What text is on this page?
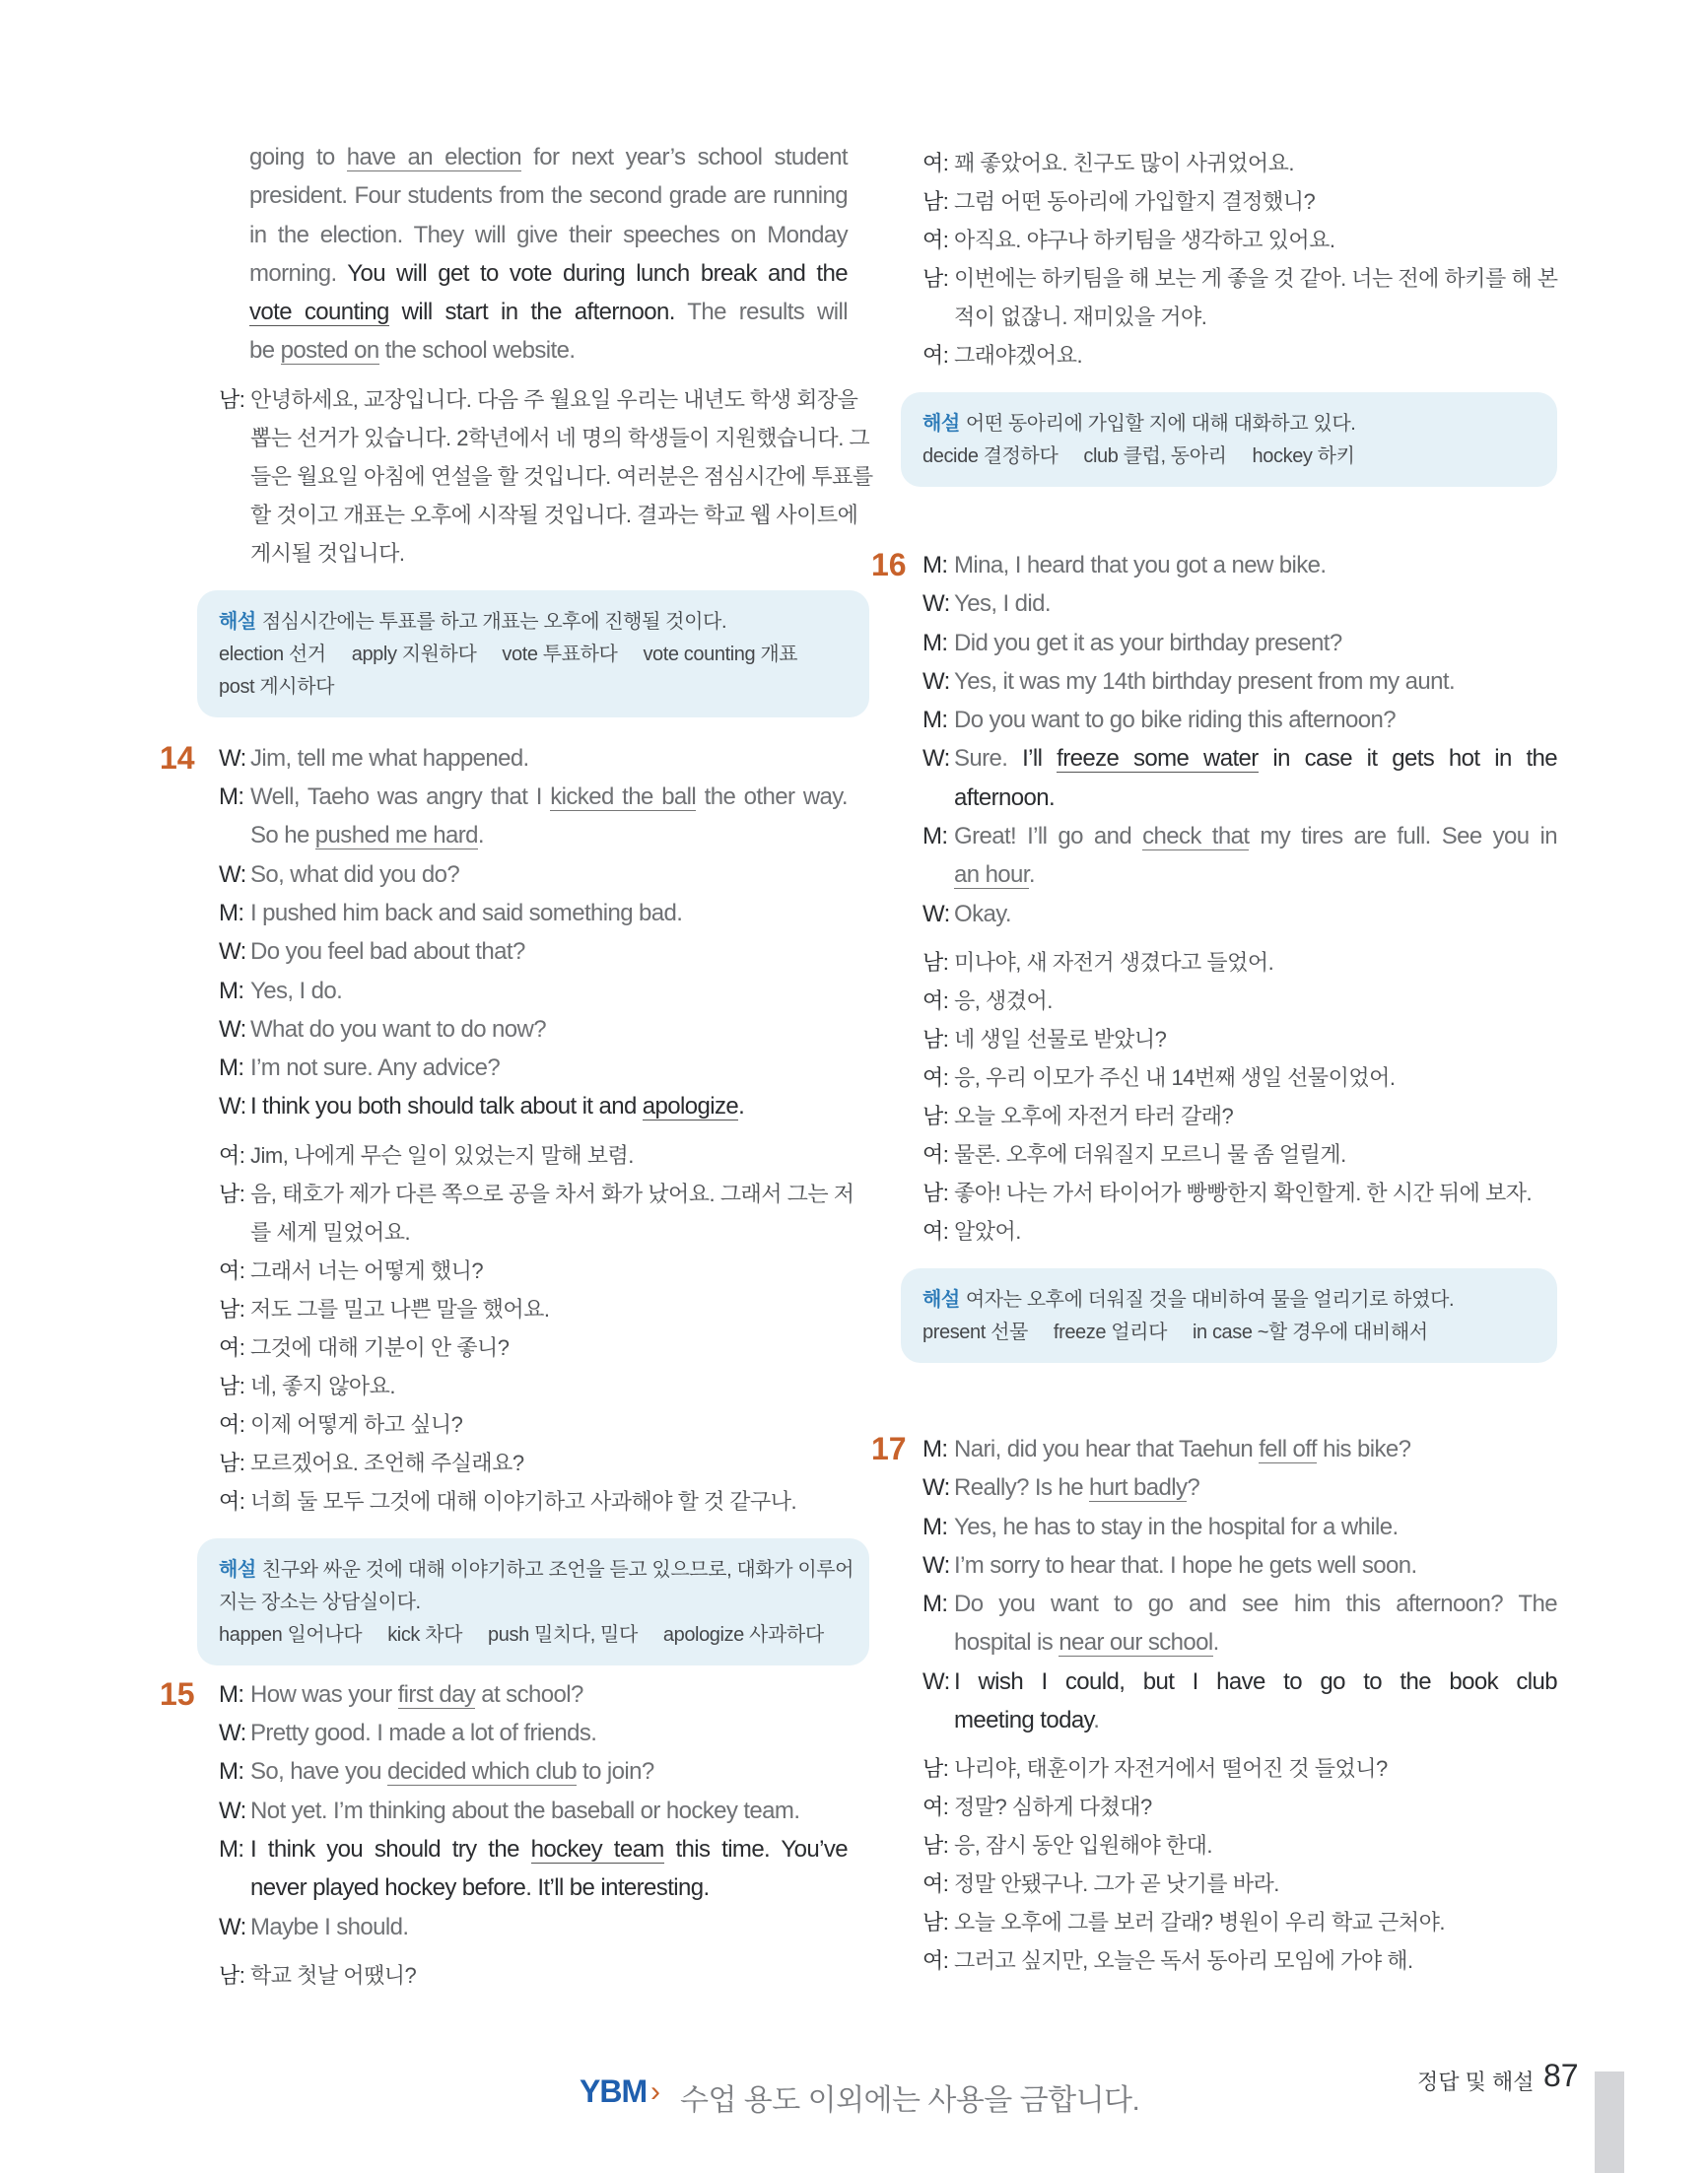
going to have an election for next year’s school student
president. Four students from the second grade are running
in the election. They will give their speeches on Monday
morning. You will get to vote during lunch break and the
vote counting will start in the afternoon. The results will
be posted on the school website.
남: 안녕하세요, 교장입니다. 다음 주 월요일 우리는 내년도 학생 회장을
뽑는 선거가 있습니다. 2학년에서 네 명의 학생들이 지원했습니다. 그
들은 월요일 아침에 연설을 할 것입니다. 여러분은 점심시간에 투표를
할 것이고 개표는 오후에 시작될 것입니다. 결과는 학교 웹 사이트에
게시될 것입니다.
해설 점심시간에는 투표를 하고 개표는 오후에 진행될 것이다.
election 선거 apply 지원하다 vote 투표하다 vote counting 개표
post 게시하다
14 W: Jim, tell me what happened.
M: Well, Taeho was angry that I kicked the ball the other way.
So he pushed me hard.
W: So, what did you do?
M: I pushed him back and said something bad.
W: Do you feel bad about that?
M: Yes, I do.
W: What do you want to do now?
M: I’m not sure. Any advice?
W: I think you both should talk about it and apologize.
여: Jim, 나에게 무슨 일이 있었는지 말해 보렴.
남: 음, 태호가 제가 다른 쪽으로 공을 차서 화가 났어요. 그래서 그는 저
를 세게 밀었어요.
여: 그래서 너는 어떻게 했니?
남: 저도 그를 밀고 나쁜 말을 했어요.
여: 그것에 대해 기분이 안 좋니?
남: 네, 좋지 않아요.
여: 이제 어떻게 하고 싶니?
남: 모르겠어요. 조언해 주실래요?
여: 너희 둘 모두 그것에 대해 이야기하고 사과해야 할 것 같구나.
해설 친구와 싸운 것에 대해 이야기하고 조언을 듣고 있으므로, 대화가 이루어
지는 장소는 상담실이다.
happen 일어나다 kick 차다 push 밀치다, 밀다 apologize 사과하다
15 M: How was your first day at school?
W: Pretty good. I made a lot of friends.
M: So, have you decided which club to join?
W: Not yet. I’m thinking about the baseball or hockey team.
M: I think you should try the hockey team this time. You’ve
never played hockey before. It’ll be interesting.
W: Maybe I should.
남: 학교 첫날 어땠니?
여: 꽤 좋았어요. 친구도 많이 사귀었어요.
남: 그럼 어떤 동아리에 가입할지 결정했니?
여: 아직요. 야구나 하키팀을 생각하고 있어요.
남: 이번에는 하키팀을 해 보는 게 좋을 것 같아. 너는 전에 하키를 해 본
적이 없잖니. 재미있을 거야.
여: 그래야겠어요.
해설 어떤 동아리에 가입할 지에 대해 대화하고 있다.
decide 결정하다 club 클럽, 동아리 hockey 하키
16 M: Mina, I heard that you got a new bike.
W: Yes, I did.
M: Did you get it as your birthday present?
W: Yes, it was my 14th birthday present from my aunt.
M: Do you want to go bike riding this afternoon?
W: Sure. I’ll freeze some water in case it gets hot in the
afternoon.
M: Great! I’ll go and check that my tires are full. See you in
an hour.
W: Okay.
남: 미나야, 새 자전거 생겼다고 들었어.
여: 응, 생겼어.
남: 네 생일 선물로 받았니?
여: 응, 우리 이모가 주신 내 14번째 생일 선물이었어.
남: 오늘 오후에 자전거 타러 갈래?
여: 물론. 오후에 더워질지 모르니 물 좀 얼릴게.
남: 좋아! 나는 가서 타이어가 빵빵한지 확인할게. 한 시간 뒤에 보자.
여: 알았어.
해설 여자는 오후에 더워질 것을 대비하여 물을 얼리기로 하였다.
present 선물 freeze 얼리다 in case ~할 경우에 대비해서
17 M: Nari, did you hear that Taehun fell off his bike?
W: Really? Is he hurt badly?
M: Yes, he has to stay in the hospital for a while.
W: I’m sorry to hear that. I hope he gets well soon.
M: Do you want to go and see him this afternoon? The
hospital is near our school.
W: I wish I could, but I have to go to the book club
meeting today.
남: 나리야, 태훈이가 자전거에서 떨어진 것 들었니?
여: 정말? 심하게 다쳤대?
남: 응, 잠시 동안 입원해야 한대.
여: 정말 안됐구나. 그가 곧 낫기를 바라.
남: 오늘 오후에 그를 보러 갈래? 병원이 우리 학교 근처야.
여: 그러고 싶지만, 오늘은 독서 동아리 모임에 가야 해.
YBM › 수업 용도 이외에는 사용을 금합니다.
정답 및 해설 87
